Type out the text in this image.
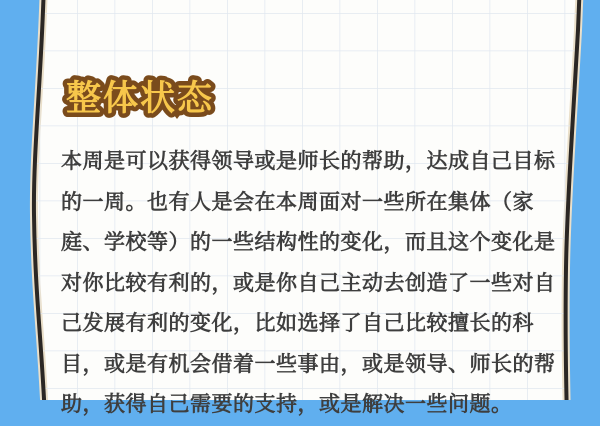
整体状态
本周是可以获得领导或是师长的帮助，达成自己目标
的一周。也有人是会在本周面对一些所在集体（家
庭、学校等）的一些结构性的变化，而且这个变化是
对你比较有利的，或是你自己主动去创造了一些对自
己发展有利的变化，比如选择了自己比较擅长的科
目，或是有机会借着一些事由，或是领导、师长的帮
助，获得自己需要的支持，或是解决一些问题。
